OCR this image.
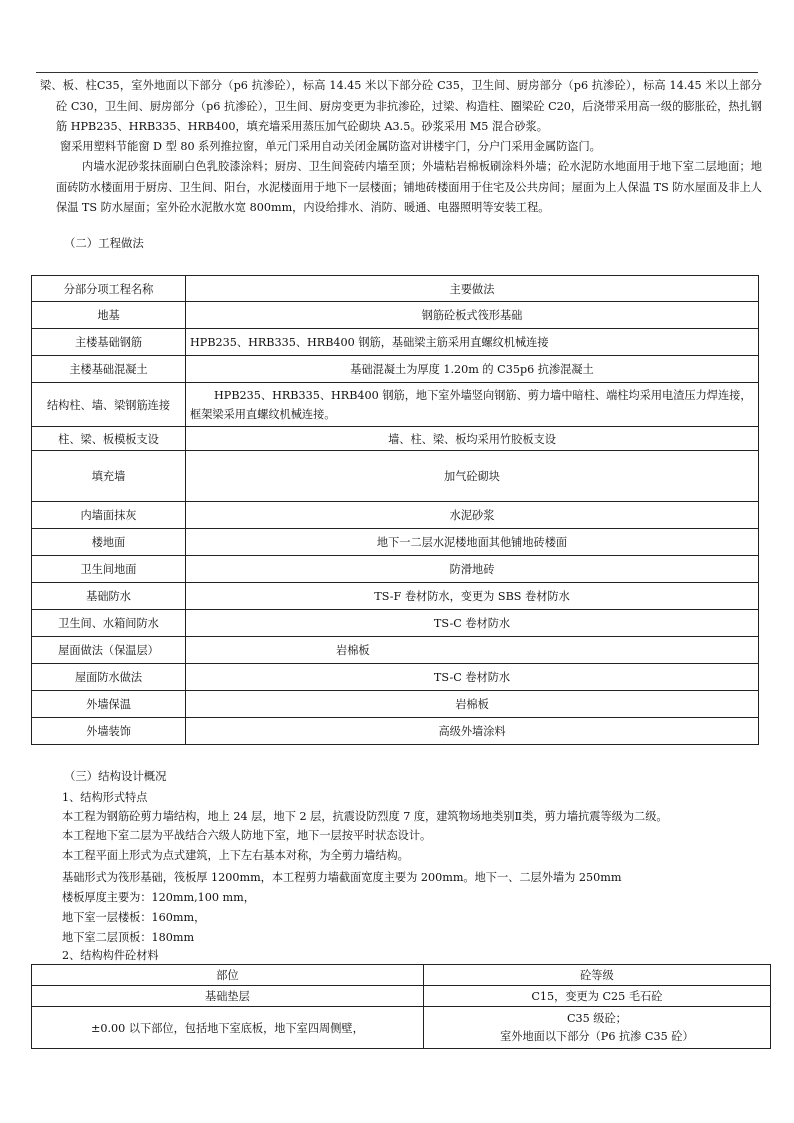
梁、板、柱C35，室外地面以下部分（p6 抗渗砼），标高 14.45 米以下部分砼 C35，卫生间、厨房部分（p6 抗渗砼），标高 14.45 米以上部分砼 C30，卫生间、厨房部分（p6 抗渗砼），卫生间、厨房变更为非抗渗砼，过梁、构造柱、圈梁砼 C20，后浇带采用高一级的膨胀砼，热扎钢筋 HPB235、HRB335、HRB400，填充墙采用蒸压加气砼砌块 A3.5。砂浆采用 M5 混合砂浆。
窗采用塑料节能窗 D 型 80 系列推拉窗，单元门采用自动关闭金属防盗对讲楼宇门，分户门采用金属防盗门。
内墙水泥砂浆抹面刷白色乳胶漆涂料；厨房、卫生间瓷砖内墙至顶；外墙粘岩棉板刷涂料外墙；砼水泥防水地面用于地下室二层地面；地面砖防水楼面用于厨房、卫生间、阳台，水泥楼面用于地下一层楼面；铺地砖楼面用于住宅及公共房间；屋面为上人保温 TS 防水屋面及非上人保温 TS 防水屋面；室外砼水泥散水宽 800mm，内设给排水、消防、暖通、电器照明等安装工程。
（二）工程做法
分部分项工程名称	主要做法
地基	钢筋砼板式筏形基础
主楼基础钢筋	HPB235、HRB335、HRB400 钢筋，基础梁主筋采用直螺纹机械连接
主楼基础混凝土	基础混凝土为厚度 1.20m 的 C35p6 抗渗混凝土
结构柱、墙、梁钢筋连接	HPB235、HRB335、HRB400 钢筋，地下室外墙竖向钢筋、剪力墙中暗柱、端柱均采用电渣压力焊连接，框架梁采用直螺纹机械连接。
柱、梁、板模板支设	墙、柱、梁、板均采用竹胶板支设
填充墙	加气砼砌块
内墙面抹灰	水泥砂浆
楼地面	地下一二层水泥楼地面其他铺地砖楼面
卫生间地面	防滑地砖
基础防水	TS-F 卷材防水，变更为 SBS 卷材防水
卫生间、水箱间防水	TS-C 卷材防水
屋面做法（保温层）	岩棉板
屋面防水做法	TS-C 卷材防水
外墙保温	岩棉板
外墙装饰	高级外墙涂料
（三）结构设计概况
1、结构形式特点
本工程为钢筋砼剪力墙结构，地上 24 层，地下 2 层，抗震设防烈度 7 度，建筑物场地类别Ⅱ类，剪力墙抗震等级为二级。
本工程地下室二层为平战结合六级人防地下室，地下一层按平时状态设计。
本工程平面上形式为点式建筑，上下左右基本对称，为全剪力墙结构。
基础形式为筏形基础，筏板厚 1200mm，本工程剪力墙截面宽度主要为 200mm。地下一、二层外墙为 250mm
楼板厚度主要为：120mm,100 mm，
地下室一层楼板：160mm，
地下室二层顶板：180mm
2、结构构件砼材料
部位	砼等级
基础垫层	C15，变更为 C25 毛石砼
±0.00 以下部位，包括地下室底板，地下室四周侧壁，	C35 级砼；
室外地面以下部分（P6 抗渗 C35 砼）
